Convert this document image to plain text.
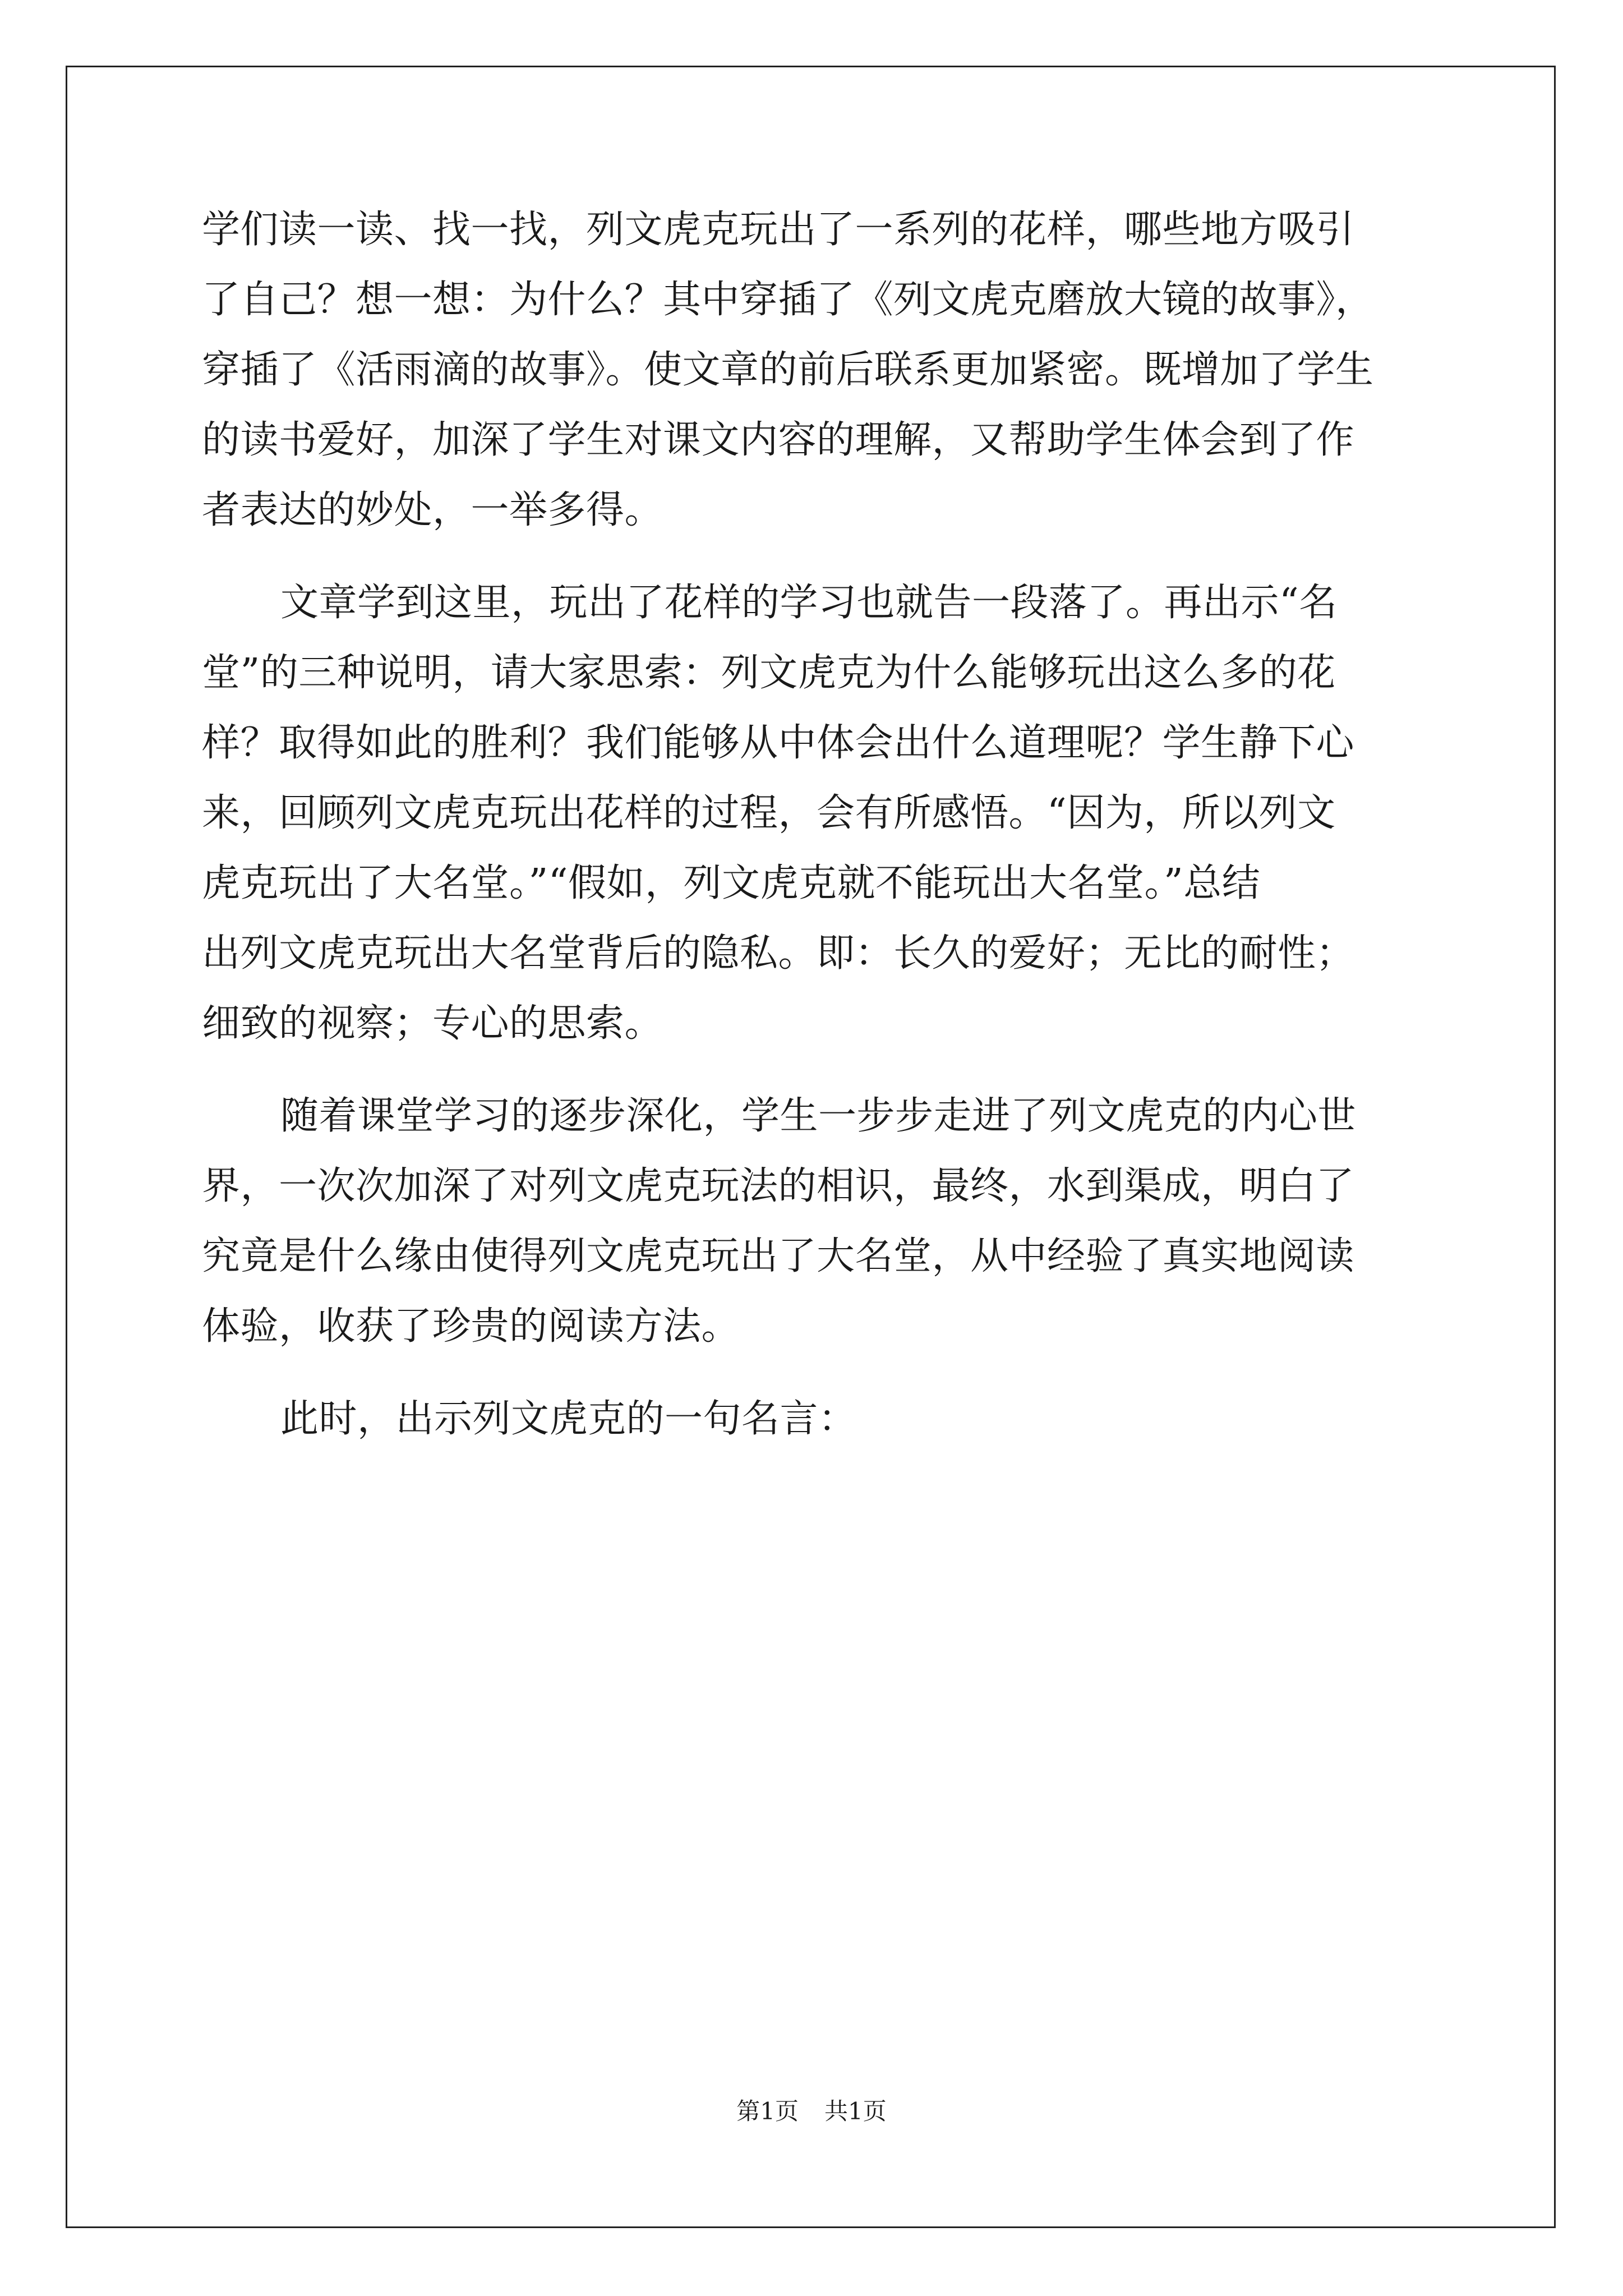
学们读一读、找一找，列文虎克玩出了一系列的花样，哪些地方吸引
了自己？想一想：为什么？其中穿插了《列文虎克磨放大镜的故事》，
穿插了《活雨滴的故事》。使文章的前后联系更加紧密。既增加了学生
的读书爱好，加深了学生对课文内容的理解，又帮助学生体会到了作
者表达的妙处，一举多得。
文章学到这里，玩出了花样的学习也就告一段落了。再出示“名
堂”的三种说明，请大家思索：列文虎克为什么能够玩出这么多的花
样？取得如此的胜利？我们能够从中体会出什么道理呢？学生静下心
来，回顾列文虎克玩出花样的过程，会有所感悟。“因为，所以列文
虎克玩出了大名堂。”“假如，列文虎克就不能玩出大名堂。”总结
出列文虎克玩出大名堂背后的隐私。即：长久的爱好；无比的耐性；
细致的视察；专心的思索。
随着课堂学习的逐步深化，学生一步步走进了列文虎克的内心世
界，一次次加深了对列文虎克玩法的相识，最终，水到渠成，明白了
究竟是什么缘由使得列文虎克玩出了大名堂，从中经验了真实地阅读
体验，收获了珍贵的阅读方法。
此时，出示列文虎克的一句名言：
第1页 共1页
